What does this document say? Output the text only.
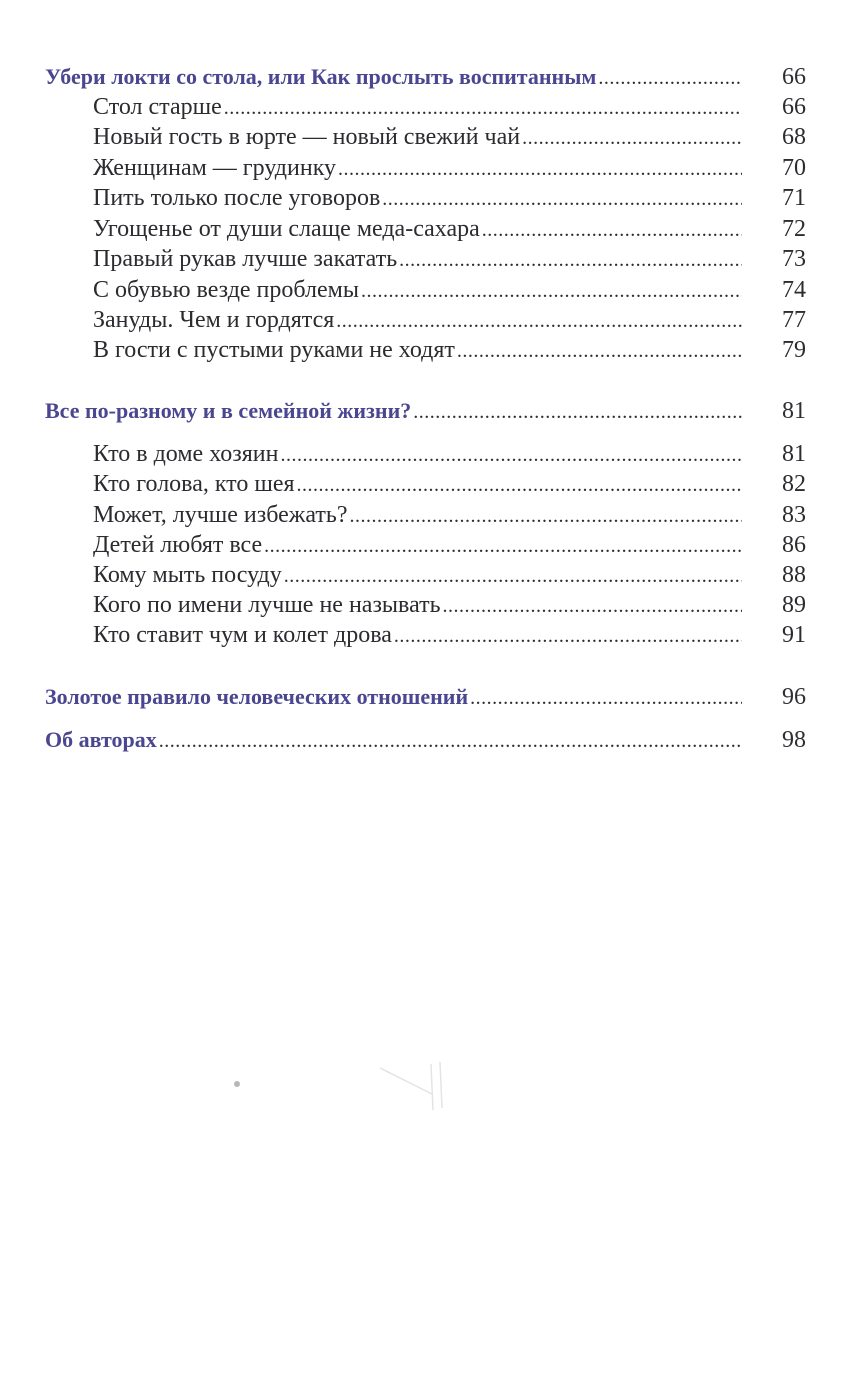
Убери локти со стола, или Как прослыть воспитанным .....	66
Стол старше .....	66
Новый гость в юрте — новый свежий чай .....	68
Женщинам — грудинку .....	70
Пить только после уговоров .....	71
Угощенье от души слаще меда-сахара .....	72
Правый рукав лучше закатать .....	73
С обувью везде проблемы .....	74
Зануды. Чем и гордятся .....	77
В гости с пустыми руками не ходят .....	79
Все по-разному и в семейной жизни? .....	81
Кто в доме хозяин .....	81
Кто голова, кто шея .....	82
Может, лучше избежать? .....	83
Детей любят все .....	86
Кому мыть посуду .....	88
Кого по имени лучше не называть .....	89
Кто ставит чум и колет дрова .....	91
Золотое правило человеческих отношений .....	96
Об авторах .....	98
